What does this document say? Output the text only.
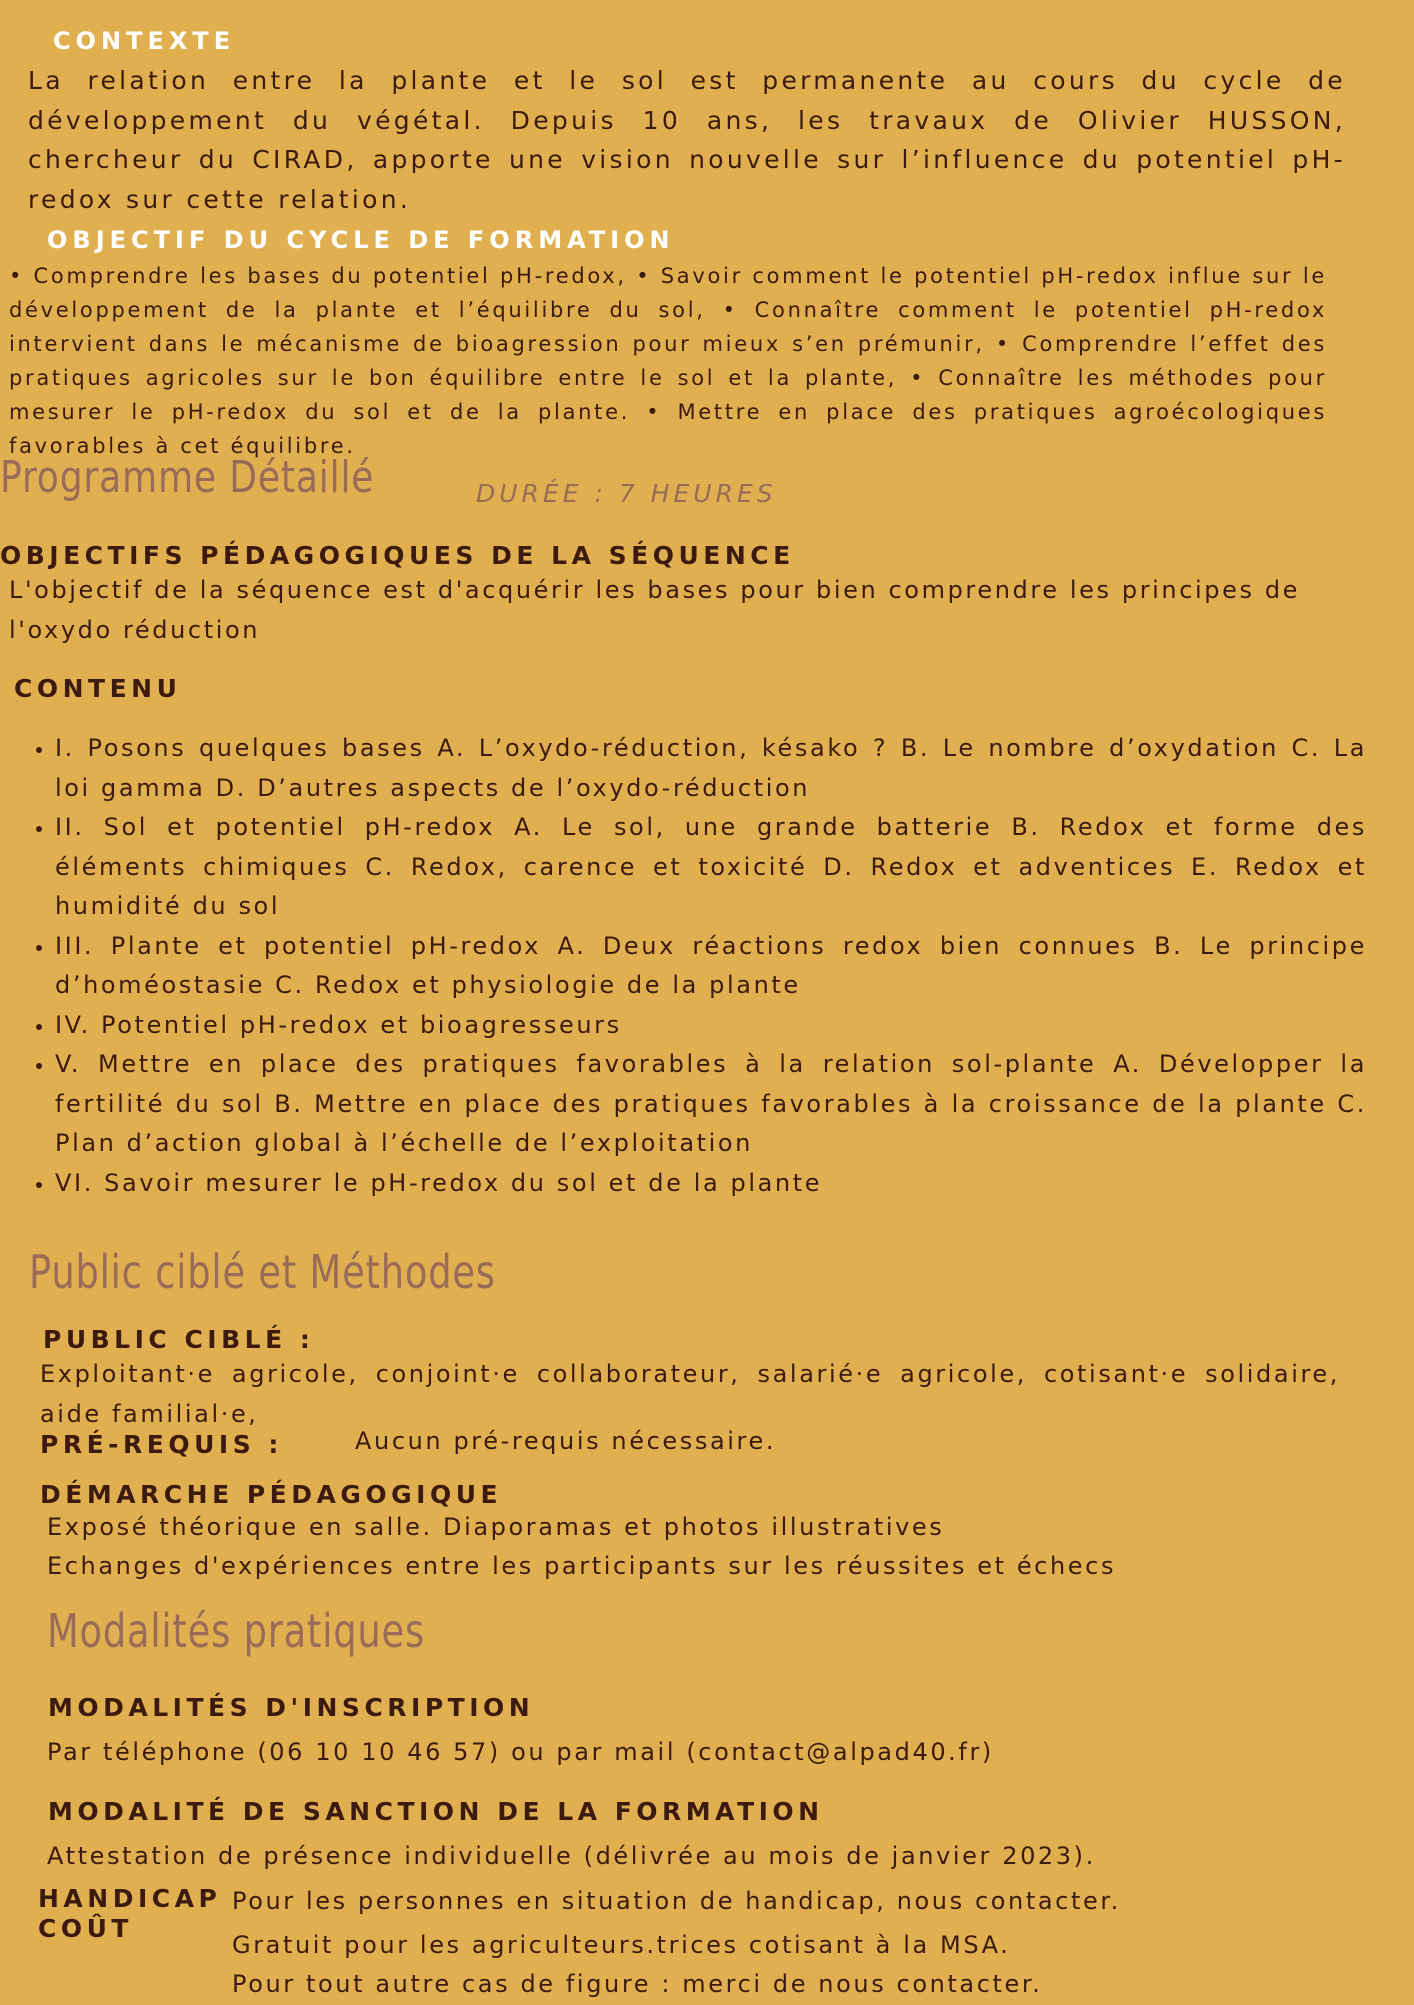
CONTEXTE
La relation entre la plante et le sol est permanente au cours du cycle de développement du végétal. Depuis 10 ans, les travaux de Olivier HUSSON, chercheur du CIRAD, apporte une vision nouvelle sur l’influence du potentiel pH-redox sur cette relation.
OBJECTIF DU CYCLE DE FORMATION
• Comprendre les bases du potentiel pH-redox, • Savoir comment le potentiel pH-redox influe sur le développement de la plante et l’équilibre du sol, • Connaître comment le potentiel pH-redox intervient dans le mécanisme de bioagression pour mieux s’en prémunir, • Comprendre l’effet des pratiques agricoles sur le bon équilibre entre le sol et la plante, • Connaître les méthodes pour mesurer le pH-redox du sol et de la plante. • Mettre en place des pratiques agroécologiques favorables à cet équilibre.
Programme Détaillé	DURÉE : 7 HEURES
OBJECTIFS PÉDAGOGIQUES DE LA SÉQUENCE
L'objectif de la séquence est d'acquérir les bases pour bien comprendre les principes de l'oxydo réduction
CONTENU
• I. Posons quelques bases A. L’oxydo-réduction, késako ? B. Le nombre d’oxydation C. La loi gamma D. D’autres aspects de l’oxydo-réduction
• II. Sol et potentiel pH-redox A. Le sol, une grande batterie B. Redox et forme des éléments chimiques C. Redox, carence et toxicité D. Redox et adventices E. Redox et humidité du sol
• III. Plante et potentiel pH-redox A. Deux réactions redox bien connues B. Le principe d’homéostasie C. Redox et physiologie de la plante
• IV. Potentiel pH-redox et bioagresseurs
• V. Mettre en place des pratiques favorables à la relation sol-plante A. Développer la fertilité du sol B. Mettre en place des pratiques favorables à la croissance de la plante C. Plan d’action global à l’échelle de l’exploitation
• VI. Savoir mesurer le pH-redox du sol et de la plante
Public ciblé et Méthodes
PUBLIC CIBLÉ :
Exploitant·e agricole, conjoint·e collaborateur, salarié·e agricole, cotisant·e solidaire, aide familial·e,
PRÉ-REQUIS :	Aucun pré-requis nécessaire.
DÉMARCHE PÉDAGOGIQUE
Exposé théorique en salle. Diaporamas et photos illustratives
Echanges d'expériences entre les participants sur les réussites et échecs
Modalités pratiques
MODALITÉS D'INSCRIPTION
Par téléphone (06 10 10 46 57) ou par mail (contact@alpad40.fr)
MODALITÉ DE SANCTION DE LA FORMATION
Attestation de présence individuelle (délivrée au mois de janvier 2023).
HANDICAP
COÛT
Pour les personnes en situation de handicap, nous contacter.
Gratuit pour les agriculteurs.trices cotisant à la MSA.
Pour tout autre cas de figure : merci de nous contacter.
